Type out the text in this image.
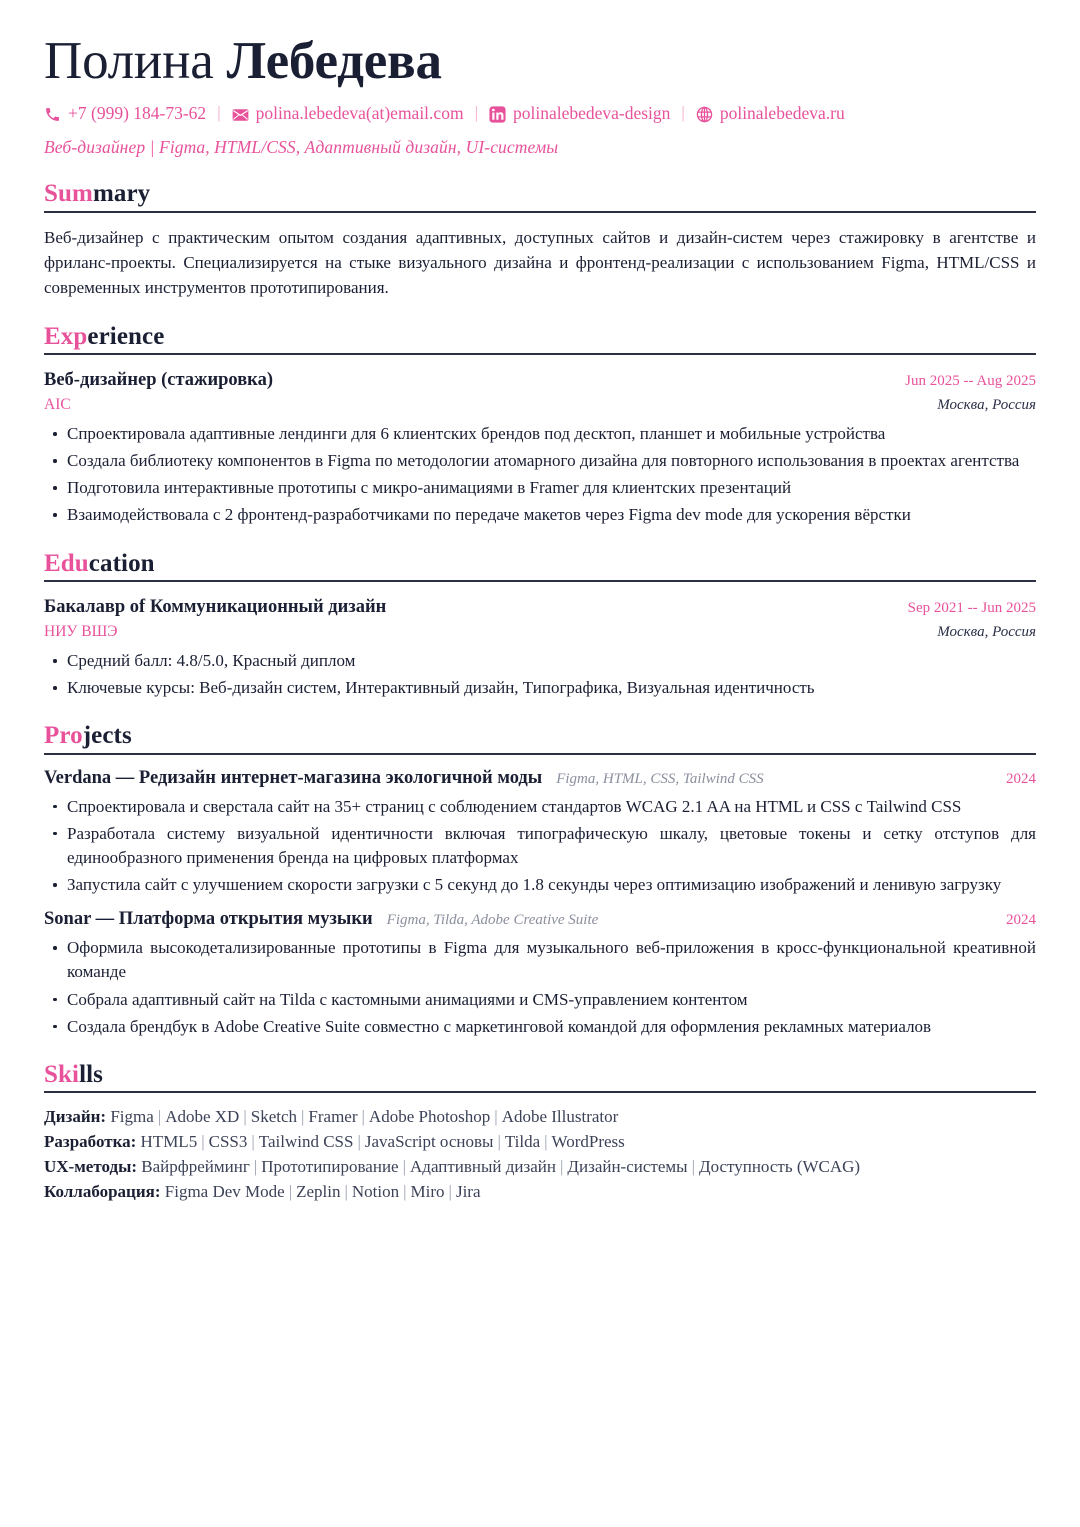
Полина Лебедева
+7 (999) 184-73-62 |	polina.lebedeva(at)email.com |	polinalebedeva-design |	polinalebedeva.ru
Веб-дизайнер | Figma, HTML/CSS, Адаптивный дизайн, UI-системы
Summary

Веб-дизайнер с практическим опытом создания адаптивных, доступных сайтов и дизайн-систем через стажировку в агентстве и фриланс-проекты. Специализируется на стыке визуального дизайна и фронтенд-реализации с использованием Figma, HTML/CSS и современных инструментов прототипирования.

Experience
Веб-дизайнер (стажировка)	Jun 2025 -- Aug 2025
AIC	Москва, Россия
Спроектировала адаптивные лендинги для 6 клиентских брендов под десктоп, планшет и мобильные устройства
Создала библиотеку компонентов в Figma по методологии атомарного дизайна для повторного использования в проектах агентства
Подготовила интерактивные прототипы с микро-анимациями в Framer для клиентских презентаций
Взаимодействовала с 2 фронтенд-разработчиками по передаче макетов через Figma dev mode для ускорения вёрстки
Education
Бакалавр of Коммуникационный дизайн	Sep 2021 -- Jun 2025
НИУ ВШЭ	Москва, Россия
Средний балл: 4.8/5.0, Красный диплом
Ключевые курсы: Веб-дизайн систем, Интерактивный дизайн, Типографика, Визуальная идентичность
Projects
Verdana — Редизайн интернет-магазина экологичной моды Figma, HTML, CSS, Tailwind CSS	2024
Спроектировала и сверстала сайт на 35+ страниц с соблюдением стандартов WCAG 2.1 AA на HTML и CSS с Tailwind CSS
Разработала систему визуальной идентичности включая типографическую шкалу, цветовые токены и сетку отступов для единообразного применения бренда на цифровых платформах
Запустила сайт с улучшением скорости загрузки с 5 секунд до 1.8 секунды через оптимизацию изображений и ленивую загрузку
Sonar — Платформа открытия музыки Figma, Tilda, Adobe Creative Suite	2024
Оформила высокодетализированные прототипы в Figma для музыкального веб-приложения в кросс-функциональной креативной команде
Собрала адаптивный сайт на Tilda с кастомными анимациями и CMS-управлением контентом
Создала брендбук в Adobe Creative Suite совместно с маркетинговой командой для оформления рекламных материалов
Skills
Дизайн: Figma | Adobe XD | Sketch | Framer | Adobe Photoshop | Adobe Illustrator
Разработка: HTML5 | CSS3 | Tailwind CSS | JavaScript основы | Tilda | WordPress
UX-методы: Вайрфрейминг | Прототипирование | Адаптивный дизайн | Дизайн-системы | Доступность (WCAG)
Коллаборация: Figma Dev Mode | Zeplin | Notion | Miro | Jira
